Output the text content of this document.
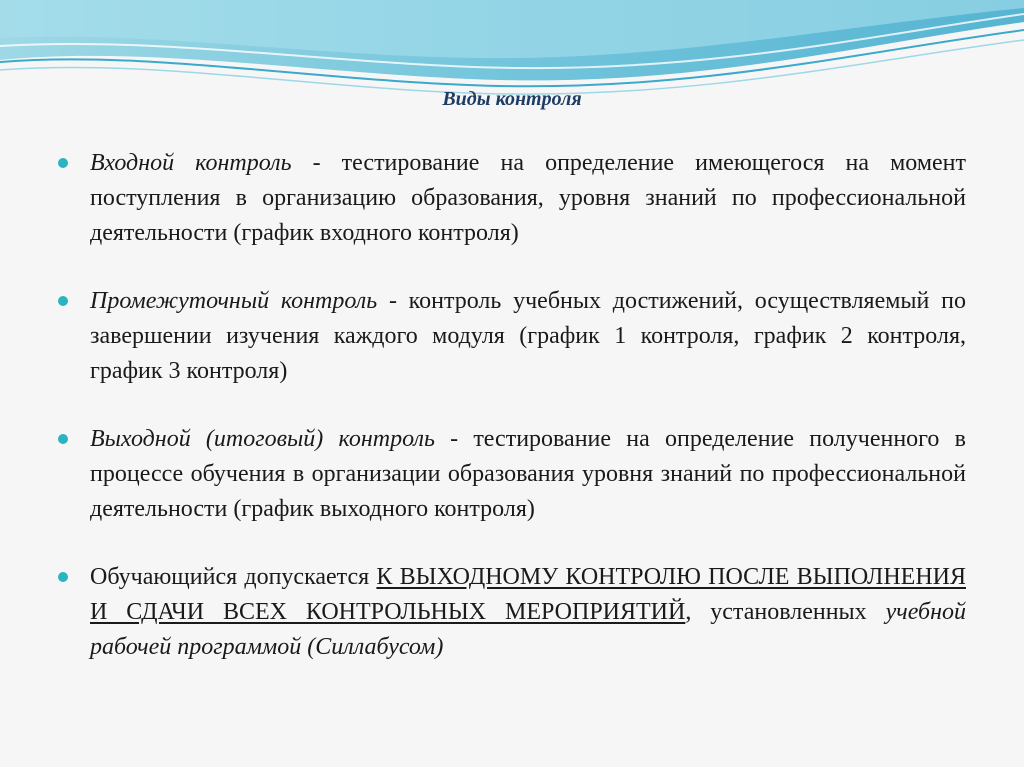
Виды контроля
Входной контроль - тестирование на определение имеющегося на момент поступления в организацию образования, уровня знаний по профессиональной деятельности (график входного контроля)
Промежуточный контроль - контроль учебных достижений, осуществляемый по завершении изучения каждого модуля (график 1 контроля, график 2 контроля, график 3 контроля)
Выходной (итоговый) контроль - тестирование на определение полученного в процессе обучения в организации образования уровня знаний по профессиональной деятельности (график выходного контроля)
Обучающийся допускается К ВЫХОДНОМУ КОНТРОЛЮ ПОСЛЕ ВЫПОЛНЕНИЯ И СДАЧИ ВСЕХ КОНТРОЛЬНЫХ МЕРОПРИЯТИЙ, установленных учебной рабочей программой (Силлабусом)
